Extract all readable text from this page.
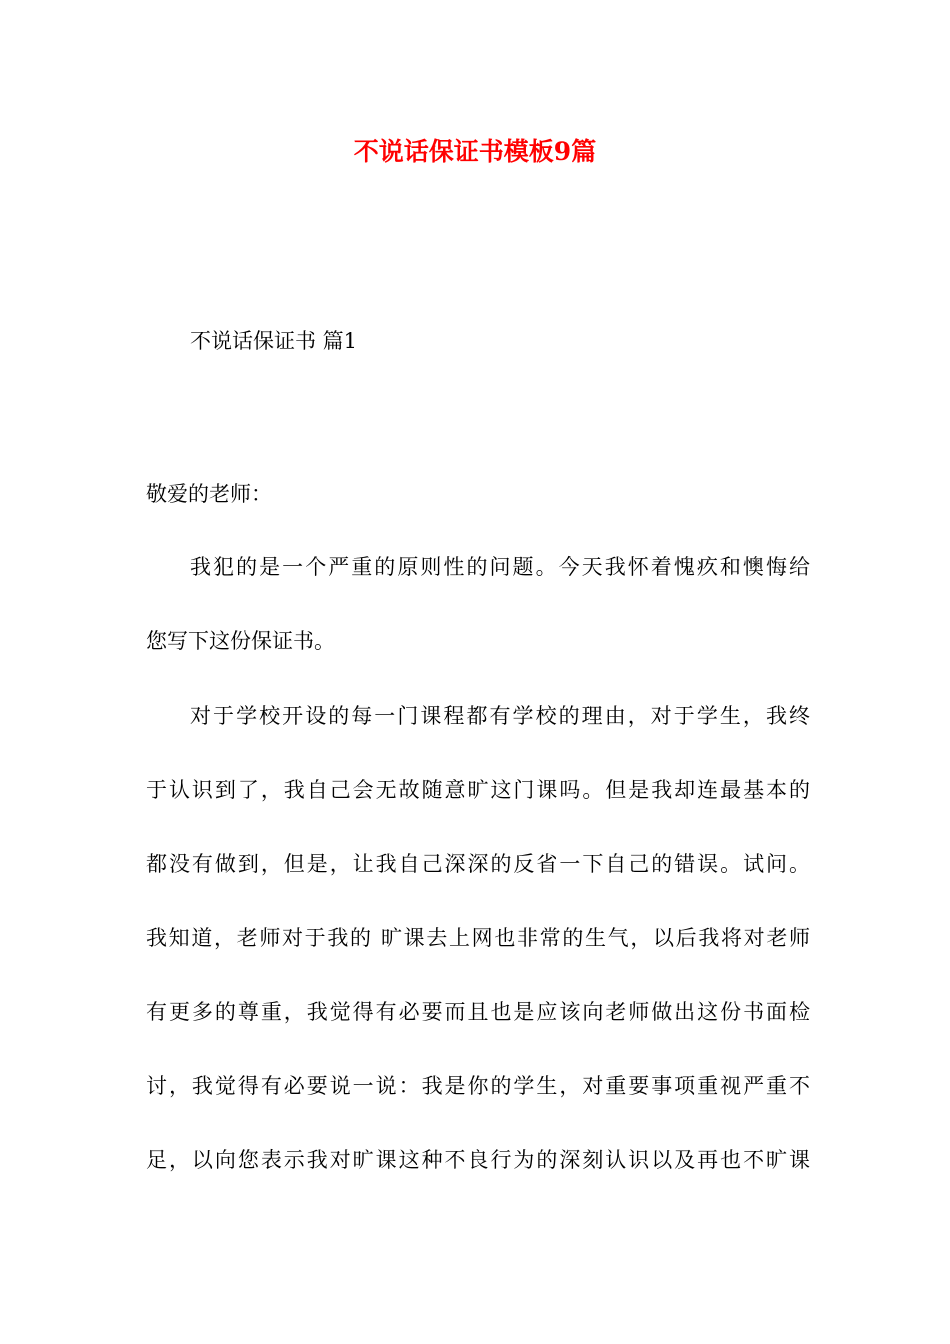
不说话保证书模板9篇

不说话保证书 篇1

敬爱的老师：

我犯的是一个严重的原则性的问题。今天我怀着愧疚和懊悔给
您写下这份保证书。
对于学校开设的每一门课程都有学校的理由，对于学生，我终
于认识到了，我自己会无故随意旷这门课吗。但是我却连最基本的
都没有做到，但是，让我自己深深的反省一下自己的错误。试问。
我知道，老师对于我的 旷课去上网也非常的生气，以后我将对老师
有更多的尊重，我觉得有必要而且也是应该向老师做出这份书面检
讨，我觉得有必要说一说：我是你的学生，对重要事项重视严重不
足，以向您表示我对旷课这种不良行为的深刻认识以及再也不旷课
